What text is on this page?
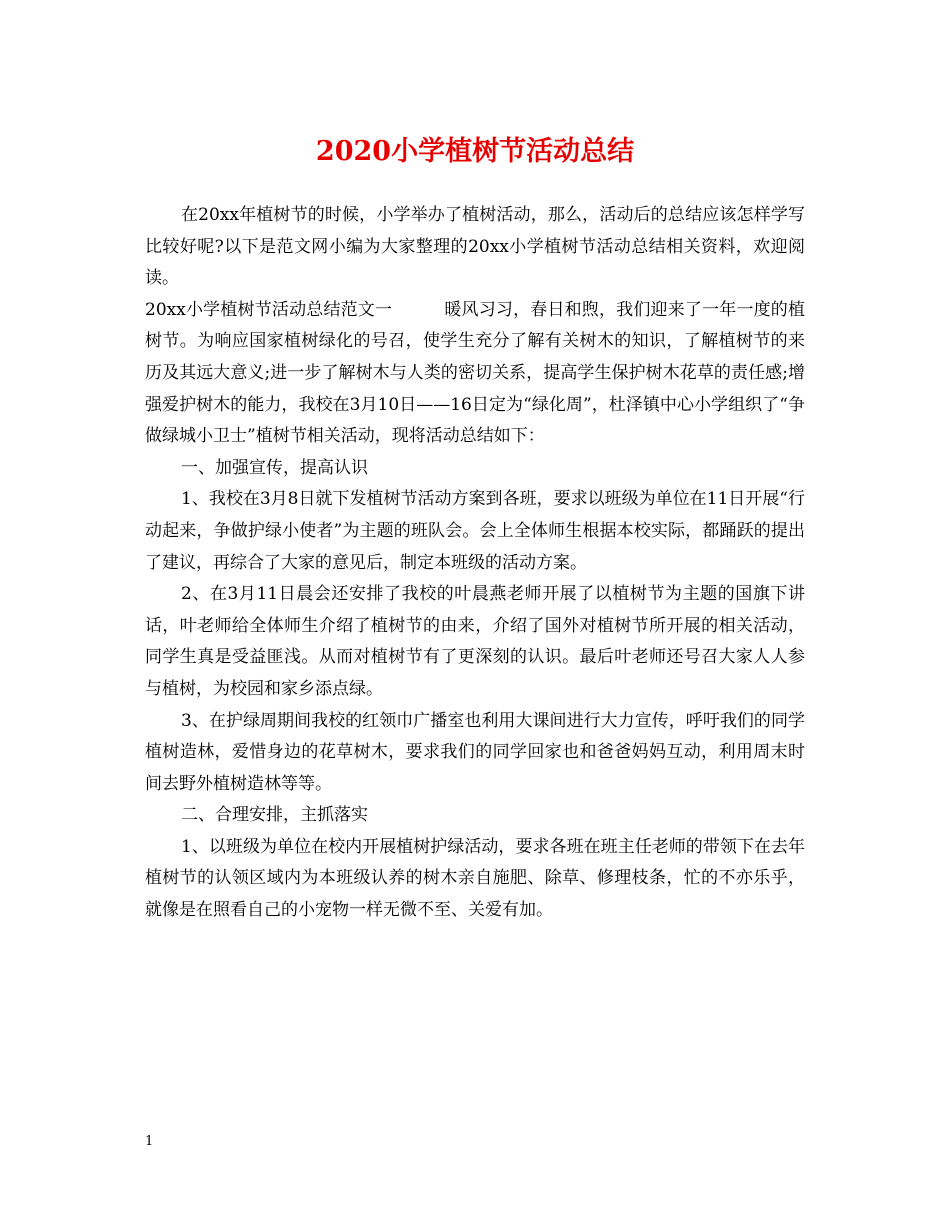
2020小学植树节活动总结

在20xx年植树节的时候，小学举办了植树活动，那么，活动后的总结应该怎样学写比较好呢?以下是范文网小编为大家整理的20xx小学植树节活动总结相关资料，欢迎阅读。

20xx小学植树节活动总结范文一	暖风习习，春日和煦，我们迎来了一年一度的植树节。为响应国家植树绿化的号召，使学生充分了解有关树木的知识，了解植树节的来历及其远大意义;进一步了解树木与人类的密切关系，提高学生保护树木花草的责任感;增强爱护树木的能力，我校在3月10日——16日定为“绿化周”，杜泽镇中心小学组织了“争做绿城小卫士”植树节相关活动，现将活动总结如下：

一、加强宣传，提高认识

1、我校在3月8日就下发植树节活动方案到各班，要求以班级为单位在11日开展“行动起来，争做护绿小使者”为主题的班队会。会上全体师生根据本校实际，都踊跃的提出了建议，再综合了大家的意见后，制定本班级的活动方案。

2、在3月11日晨会还安排了我校的叶晨燕老师开展了以植树节为主题的国旗下讲话，叶老师给全体师生介绍了植树节的由来，介绍了国外对植树节所开展的相关活动，同学生真是受益匪浅。从而对植树节有了更深刻的认识。最后叶老师还号召大家人人参与植树，为校园和家乡添点绿。

3、在护绿周期间我校的红领巾广播室也利用大课间进行大力宣传，呼吁我们的同学植树造林，爱惜身边的花草树木，要求我们的同学回家也和爸爸妈妈互动，利用周末时间去野外植树造林等等。

二、合理安排，主抓落实

1、以班级为单位在校内开展植树护绿活动，要求各班在班主任老师的带领下在去年植树节的认领区域内为本班级认养的树木亲自施肥、除草、修理枝条，忙的不亦乐乎，就像是在照看自己的小宠物一样无微不至、关爱有加。

1
